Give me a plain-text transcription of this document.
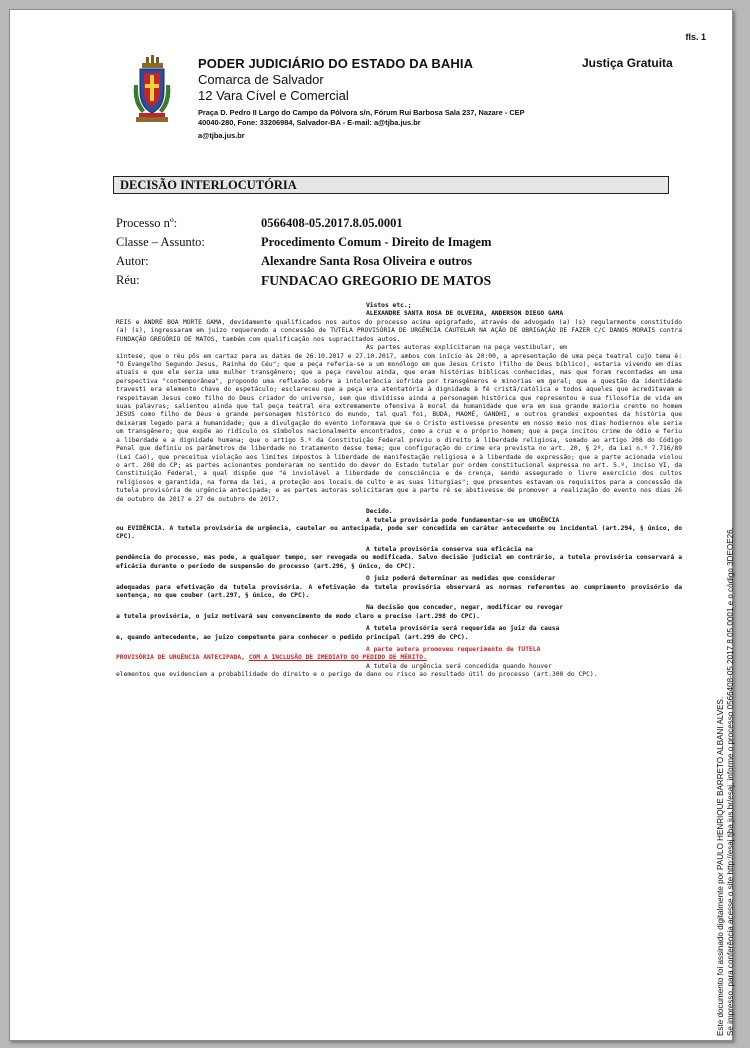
fls. 1
PODER JUDICIÁRIO DO ESTADO DA BAHIA
Comarca de Salvador
12 Vara Cível e Comercial
Justiça Gratuita
Praça D. Pedro II Largo do Campo da Pólvora s/n, Fórum Rui Barbosa Sala 237, Nazare - CEP 40040-280, Fone: 33206984, Salvador-BA - E-mail: a@tjba.jus.br
a@tjba.jus.br
DECISÃO INTERLOCUTÓRIA
Processo nº:	0566408-05.2017.8.05.0001
Classe – Assunto:	Procedimento Comum - Direito de Imagem
Autor:	Alexandre Santa Rosa Oliveira e outros
Réu:	FUNDACAO GREGORIO DE MATOS

Vistos etc.;

ALEXANDRE SANTA ROSA DE OLVEIRA, ANDERSON DIEGO GAMA

REIS e ANDRÉ BOA MORTE GAMA, devidamente qualificados nos autos do processo acima epigrafado, através de advogado (a) (s) regularmente constituído (a) (s), ingressaram em juízo requerendo a concessão de TUTELA PROVISÓRIA DE URGÊNCIA CAUTELAR NA AÇÃO DE OBRIGAÇÃO DE FAZER C/C DANOS MORAIS contra FUNDAÇÃO GREGÓRIO DE MATOS, também com qualificação nos supracitados autos.

As partes autoras explicitaram na peça vestibular, em

síntese, que o réu pôs em cartaz para as datas de 26.10.2017 e 27.10.2017, ambos com início às 20:00, a apresentação de uma peça teatral cujo tema é: "O Evangelho Segundo Jesus, Rainha do Céu"; que a peça referia-se a um monólogo em que Jesus Cristo (filho de Deus bíblico), estaria vivendo em dias atuais e que ele seria uma mulher transgênero; que a peça revelou ainda, que eram histórias bíblicas conhecidas, mas que foram recontadas em uma perspectiva "contemporânea", propondo uma reflexão sobre a intolerância sofrida por transgêneros e minorias em geral; que a questão da identidade travesti era elemento chave do espetáculo; esclareceu que a peça era atentatória à dignidade à fé cristã/católica e todos aqueles que acreditavam e respeitavam Jesus como filho do Deus criador do universo, sem que dividisse ainda a personagem histórica que representou e sua filosofia de vida em suas palavras; salientou ainda que tal peça teatral era extremamente ofensiva à moral da humanidade que era em sua grande maioria crente no homem JESUS como filho de Deus e grande personagem histórico do mundo, tal qual foi, BUDA, MAOMÉ, GANDHI, e outros grandes expoentes da história que deixaram legado para a humanidade; que a divulgação do evento informava que se o Cristo estivesse presente em nosso meio nos dias hodiernos ele seria um transgênero; que expõe ao ridículo os símbolos nacionalmente encontrados, como a cruz e o próprio homem; que a peça incitou crime de ódio e feriu a liberdade e a dignidade humana; que o artigo 5.º da Constituição Federal previu o direito à liberdade religiosa, somado ao artigo 208 do Código Penal que definiu os parâmetros de liberdade no tratamento desse tema; que configuração do crime era prevista no art. 20, § 2º, da Lei n.º 7.716/89 (Lei Caó), que preceitua violação aos limites impostos à liberdade de manifestação religiosa e à liberdade de expressão; que a parte acionada violou o art. 208 do CP; as partes acionantes ponderaram no sentido do dever do Estado tutelar por ordem constitucional expressa no art. 5.º, inciso VI, da Constituição Federal, a qual dispõe que "é inviolável a liberdade de consciência e de crença, sendo assegurado o livre exercício dos cultos religiosos e garantida, na forma da lei, a proteção aos locais de culto e as suas liturgias"; que presentes estavam os requisitos para a concessão da tutela provisória de urgência antecipada; e as partes autoras solicitaram que a parte ré se abstivesse de promover a realização do evento nos dias 26 de outubro de 2017 e 27 de outubro de 2017.

Decido.

A tutela provisória pode fundamentar-se em URGÊNCIA

ou EVIDÊNCIA. A tutela provisória de urgência, cautelar ou antecipada, pode ser concedida em caráter antecedente ou incidental (art.294, § único, do CPC).

A tutela provisória conserva sua eficácia na

pendência do processo, mas pode, a qualquer tempo, ser revogada ou modificada. Salvo decisão judicial em contrário, a tutela provisória conservará a eficácia durante o período de suspensão do processo (art.296, § único, do CPC).

O juiz poderá determinar as medidas que considerar

adequadas para efetivação da tutela provisória. A efetivação da tutela provisória observará as normas referentes ao cumprimento provisório da sentença, no que couber (art.297, § único, do CPC).

Na decisão que conceder, negar, modificar ou revogar

a tutela provisória, o juiz motivará seu convencimento de modo claro e preciso (art.298 do CPC).

A tutela provisória será requerida ao juiz da causa

e, quando antecedente, ao juízo competente para conhecer o pedido principal (art.299 do CPC).

A parte autora promoveu requerimento de TUTELA

PROVISÓRIA DE URGÊNCIA ANTECIPADA, COM A INCLUSÃO DE IMEDIATO DO PEDIDO DE MÉRITO.

A tutela de urgência será concedida quando houver

elementos que evidenciem a probabilidade do direito e o perigo de dano ou risco ao resultado útil do processo (art.300 do CPC).

Este documento foi assinado digitalmente por PAULO HENRIQUE BARRETO ALBANI ALVES. Se impresso, para conferência acesse o site http://esaj.tjba.jus.br/esaj, informe o processo 0566408-05.2017.8.05.0001 e o código 3DEOE26.
